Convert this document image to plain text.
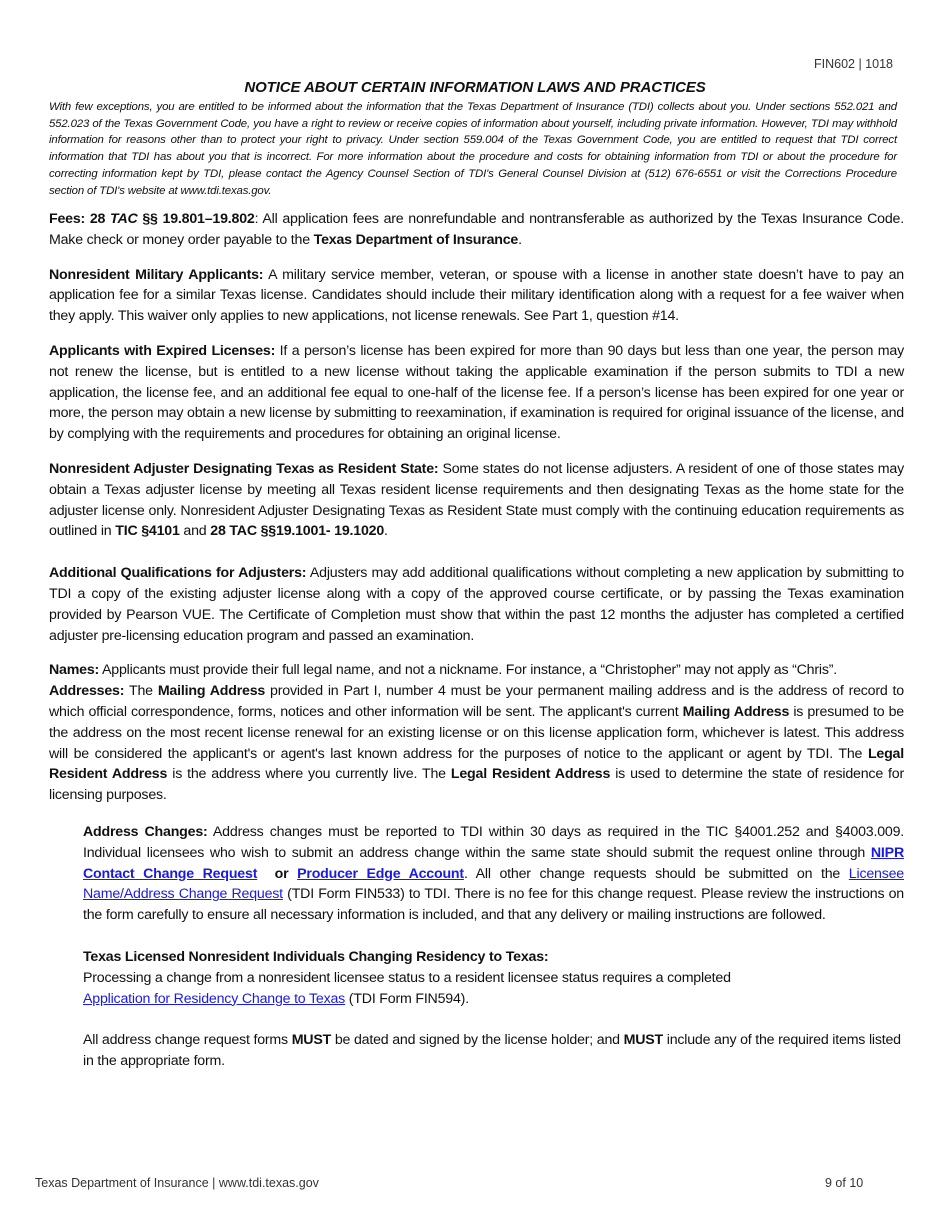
FIN602 | 1018
NOTICE ABOUT CERTAIN INFORMATION LAWS AND PRACTICES
With few exceptions, you are entitled to be informed about the information that the Texas Department of Insurance (TDI) collects about you. Under sections 552.021 and 552.023 of the Texas Government Code, you have a right to review or receive copies of information about yourself, including private information. However, TDI may withhold information for reasons other than to protect your right to privacy. Under section 559.004 of the Texas Government Code, you are entitled to request that TDI correct information that TDI has about you that is incorrect. For more information about the procedure and costs for obtaining information from TDI or about the procedure for correcting information kept by TDI, please contact the Agency Counsel Section of TDI's General Counsel Division at (512) 676-6551 or visit the Corrections Procedure section of TDI's website at www.tdi.texas.gov.

Fees: 28 TAC §§ 19.801–19.802: All application fees are nonrefundable and nontransferable as authorized by the Texas Insurance Code. Make check or money order payable to the Texas Department of Insurance.

Nonresident Military Applicants: A military service member, veteran, or spouse with a license in another state doesn’t have to pay an application fee for a similar Texas license. Candidates should include their military identification along with a request for a fee waiver when they apply. This waiver only applies to new applications, not license renewals. See Part 1, question #14.

Applicants with Expired Licenses: If a person’s license has been expired for more than 90 days but less than one year, the person may not renew the license, but is entitled to a new license without taking the applicable examination if the person submits to TDI a new application, the license fee, and an additional fee equal to one-half of the license fee. If a person’s license has been expired for one year or more, the person may obtain a new license by submitting to reexamination, if examination is required for original issuance of the license, and by complying with the requirements and procedures for obtaining an original license.

Nonresident Adjuster Designating Texas as Resident State: Some states do not license adjusters. A resident of one of those states may obtain a Texas adjuster license by meeting all Texas resident license requirements and then designating Texas as the home state for the adjuster license only. Nonresident Adjuster Designating Texas as Resident State must comply with the continuing education requirements as outlined in TIC §4101 and 28 TAC §§19.1001- 19.1020.

Additional Qualifications for Adjusters: Adjusters may add additional qualifications without completing a new application by submitting to TDI a copy of the existing adjuster license along with a copy of the approved course certificate, or by passing the Texas examination provided by Pearson VUE. The Certificate of Completion must show that within the past 12 months the adjuster has completed a certified adjuster pre-licensing education program and passed an examination.

Names: Applicants must provide their full legal name, and not a nickname. For instance, a “Christopher” may not apply as “Chris”.

Addresses: The Mailing Address provided in Part I, number 4 must be your permanent mailing address and is the address of record to which official correspondence, forms, notices and other information will be sent. The applicant's current Mailing Address is presumed to be the address on the most recent license renewal for an existing license or on this license application form, whichever is latest. This address will be considered the applicant's or agent's last known address for the purposes of notice to the applicant or agent by TDI. The Legal Resident Address is the address where you currently live. The Legal Resident Address is used to determine the state of residence for licensing purposes.

Address Changes: Address changes must be reported to TDI within 30 days as required in the TIC §4001.252 and §4003.009. Individual licensees who wish to submit an address change within the same state should submit the request online through NIPR Contact Change Request or Producer Edge Account. All other change requests should be submitted on the Licensee Name/Address Change Request (TDI Form FIN533) to TDI. There is no fee for this change request. Please review the instructions on the form carefully to ensure all necessary information is included, and that any delivery or mailing instructions are followed.

Texas Licensed Nonresident Individuals Changing Residency to Texas:

Processing a change from a nonresident licensee status to a resident licensee status requires a completed
Application for Residency Change to Texas (TDI Form FIN594).

All address change request forms MUST be dated and signed by the license holder; and MUST include any of the required items listed in the appropriate form.

Texas Department of Insurance | www.tdi.texas.gov	9 of 10
